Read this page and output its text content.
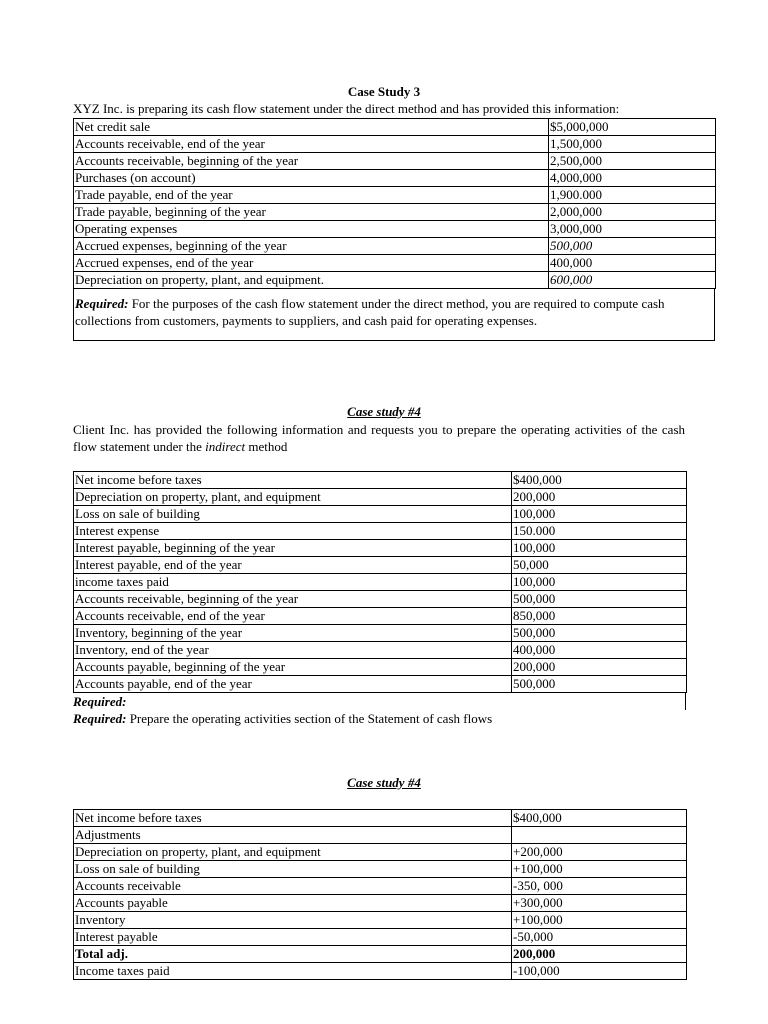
Case Study 3
XYZ Inc. is preparing its cash flow statement under the direct method and has provided this information:
Net credit sale	$5,000,000
Accounts receivable, end of the year	1,500,000
Accounts receivable, beginning of the year	2,500,000
Purchases (on account)	4,000,000
Trade payable, end of the year	1,900.000
Trade payable, beginning of the year	2,000,000
Operating expenses	3,000,000
Accrued expenses, beginning of the year	500,000
Accrued expenses, end of the year	400,000
Depreciation on property, plant, and equipment.	600,000
Required: For the purposes of the cash flow statement under the direct method, you are required to compute cash collections from customers, payments to suppliers, and cash paid for operating expenses.
Case study #4
Client Inc. has provided the following information and requests you to prepare the operating activities of the cash flow statement under the indirect method
Net income before taxes	$400,000
Depreciation on property, plant, and equipment	200,000
Loss on sale of building	100,000
Interest expense	150.000
Interest payable, beginning of the year	100,000
Interest payable, end of the year	50,000
income taxes paid	100,000
Accounts receivable, beginning of the year	500,000
Accounts receivable, end of the year	850,000
Inventory, beginning of the year	500,000
Inventory, end of the year	400,000
Accounts payable, beginning of the year	200,000
Accounts payable, end of the year	500,000
Required:
Required: Prepare the operating activities section of the Statement of cash flows
Case study #4
Net income before taxes	$400,000
Adjustments	
Depreciation on property, plant, and equipment	+200,000
Loss on sale of building	+100,000
Accounts receivable	-350, 000
Accounts payable	+300,000
Inventory	+100,000
Interest payable	-50,000
Total adj.	200,000
Income taxes paid	-100,000
